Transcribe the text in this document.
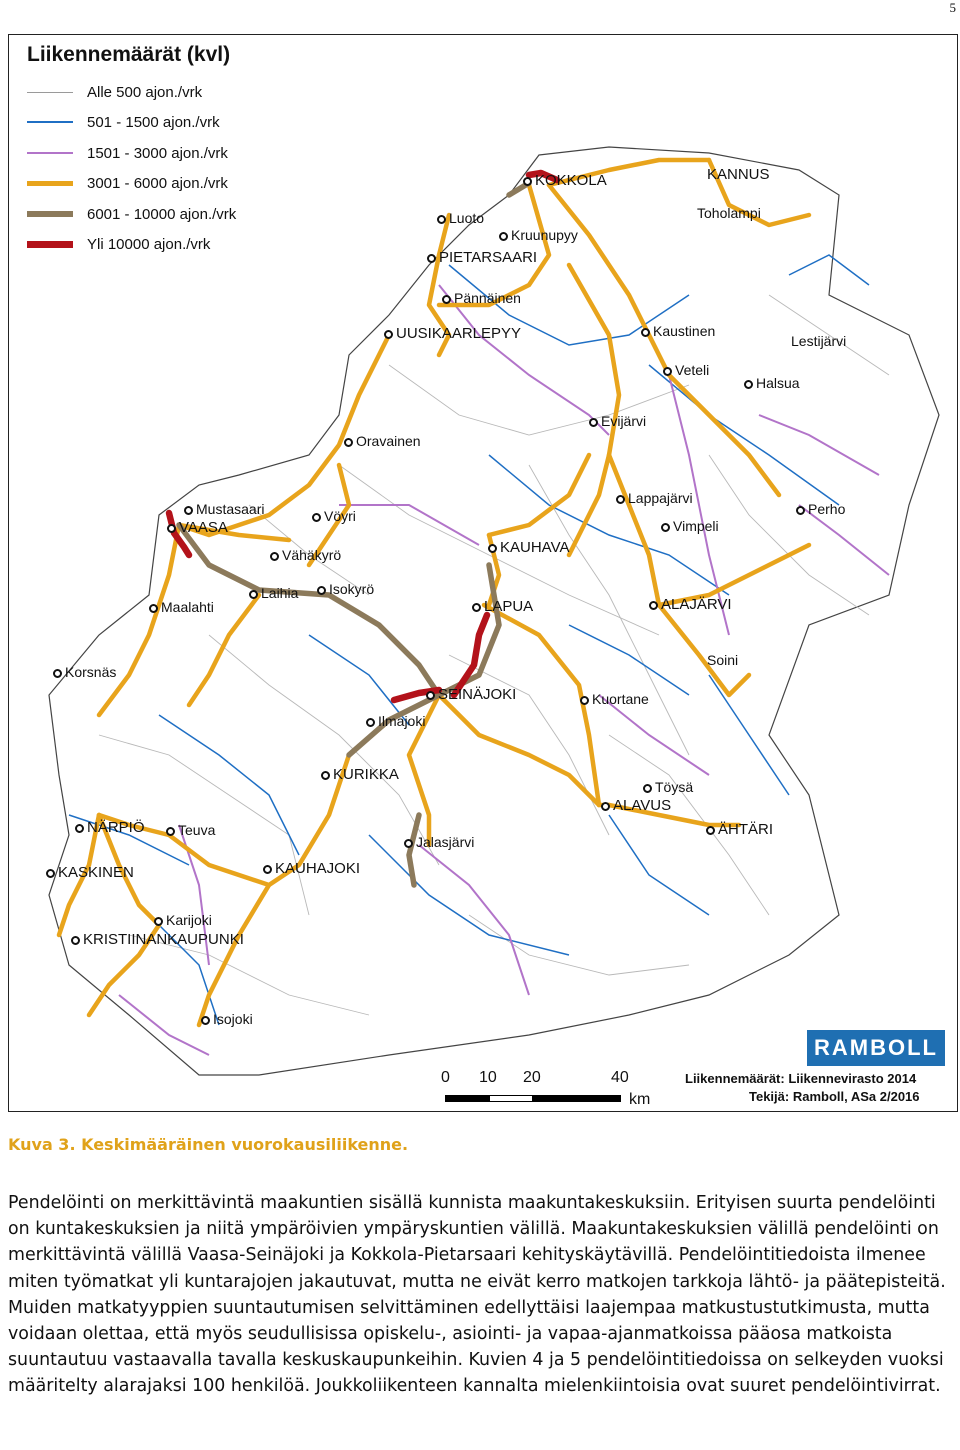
5
Liikennemäärät (kvl)
Alle 500 ajon./vrk
501 - 1500 ajon./vrk
1501 - 3000 ajon./vrk
3001 - 6000 ajon./vrk
6001 - 10000 ajon./vrk
Yli 10000 ajon./vrk
KOKKOLA	KANNUS
Toholampi
Luoto
Kruunupyy
PIETARSAARI
Pännäinen
UUSIKAARLEPYY	Kaustinen
Lestijärvi
Veteli
Halsua
Evijärvi
Oravainen
Lappajärvi
Perho
Vimpeli
Mustasaari
VAASA
Vöyri
KAUHAVA
Vähäkyrö
Laihia	Isokyrö
LAPUA	ALAJÄRVI
Maalahti
Soini
Korsnäs
SEINÄJOKI	Kuortane
Ilmajoki
KURIKKA
Töysä
ALAVUS
ÄHTÄRI
NÄRPIÖ	Teuva
Jalasjärvi
KASKINEN	KAUHAJOKI
Karijoki
KRISTIINANKAUPUNKI
Isojoki
RAMBOLL
0 10 20	40
km
Liikennemäärät: Liikennevirasto 2014
Tekijä: Ramboll, ASa 2/2016
Kuva 3. Keskimääräinen vuorokausiliikenne.
Pendelöinti on merkittävintä maakuntien sisällä kunnista maakuntakeskuksiin. Erityisen suurta pendelöinti on kuntakeskuksien ja niitä ympäröivien ympäryskuntien välillä. Maakuntakeskuksien välillä pendelöinti on merkittävintä välillä Vaasa-Seinäjoki ja Kokkola-Pietarsaari kehityskäytävillä. Pendelöintitiedoista ilmenee miten työmatkat yli kuntarajojen jakautuvat, mutta ne eivät kerro matkojen tarkkoja lähtö- ja päätepisteitä. Muiden matkatyyppien suuntautumisen selvittäminen edellyttäisi laajempaa matkustustutkimusta, mutta voidaan olettaa, että myös seudullisissa opiskelu-, asiointi- ja vapaa-ajanmatkoissa pääosa matkoista suuntautuu vastaavalla tavalla keskuskaupunkeihin. Kuvien 4 ja 5 pendelöintitiedoissa on selkeyden vuoksi määritelty alarajaksi 100 henkilöä. Joukkoliikenteen kannalta mielenkiintoisia ovat suuret pendelöintivirrat.
